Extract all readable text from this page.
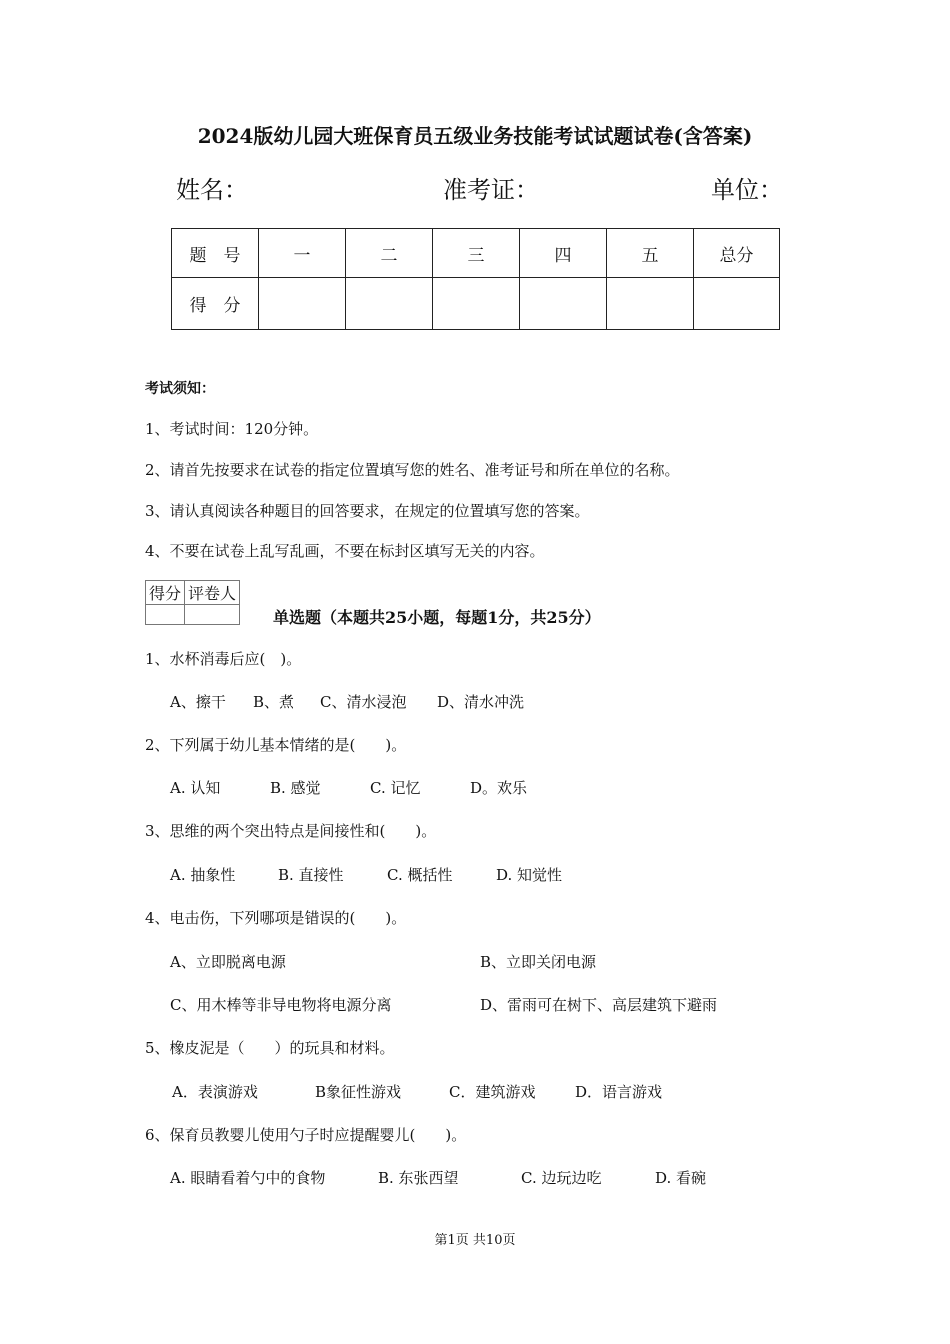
2024版幼儿园大班保育员五级业务技能考试试题试卷(含答案)
姓名：	准考证：	单位：
题　号	一	二	三	四	五	总分
得　分						
考试须知：
1、考试时间：120分钟。
2、请首先按要求在试卷的指定位置填写您的姓名、准考证号和所在单位的名称。
3、请认真阅读各种题目的回答要求，在规定的位置填写您的答案。
4、不要在试卷上乱写乱画，不要在标封区填写无关的内容。
得分	评卷人

单选题（本题共25小题，每题1分，共25分）
1、水杯消毒后应(　)。
A、擦干 B、煮 C、清水浸泡 D、清水冲洗
2、下列属于幼儿基本情绪的是(　　)。
A. 认知	B. 感觉	C. 记忆	D。欢乐
3、思维的两个突出特点是间接性和(　　)。
A. 抽象性	B. 直接性	C. 概括性	D. 知觉性
4、电击伤，下列哪项是错误的(　　)。
A、立即脱离电源	B、立即关闭电源
C、用木棒等非导电物将电源分离	D、雷雨可在树下、高层建筑下避雨
5、橡皮泥是（　　）的玩具和材料。
A．表演游戏	B象征性游戏	C．建筑游戏	D．语言游戏
6、保育员教婴儿使用勺子时应提醒婴儿(　　)。
A. 眼睛看着勺中的食物	B. 东张西望	C. 边玩边吃	D. 看碗
第1页 共10页
